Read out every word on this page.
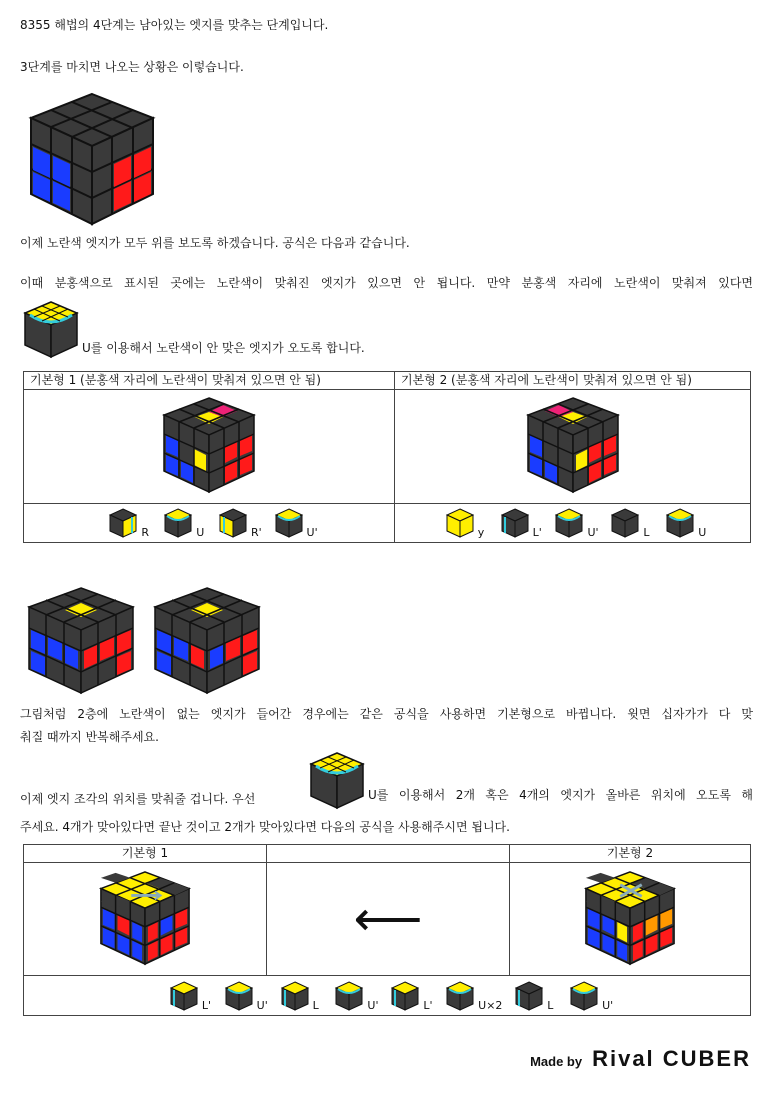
8355 해법의 4단계는 남아있는 엣지를 맞추는 단계입니다.
3단계를 마치면 나오는 상황은 이렇습니다.
이제 노란색 엣지가 모두 위를 보도록 하겠습니다. 공식은 다음과 같습니다.
이때 분홍색으로 표시된 곳에는 노란색이 맞춰진 엣지가 있으면 안 됩니다. 만약 분홍색 자리에 노란색이 맞춰져 있다면
U를 이용해서 노란색이 안 맞은 엣지가 오도록 합니다.
기본형 1 (분홍색 자리에 노란색이 맞춰져 있으면 안 됨)	기본형 2 (분홍색 자리에 노란색이 맞춰져 있으면 안 됨)

R U R' U'	y L' U' L U
그림처럼 2층에 노란색이 없는 엣지가 들어간 경우에는 같은 공식을 사용하면 기본형으로 바뀝니다. 윗면 십자가가 다 맞
춰질 때까지 반복해주세요.
이제 엣지 조각의 위치를 맞춰줄 겁니다. 우선	U를 이용해서 2개 혹은 4개의 엣지가 올바른 위치에 오도록 해
주세요. 4개가 맞아있다면 끝난 것이고 2개가 맞아있다면 다음의 공식을 사용해주시면 됩니다.
기본형 1		기본형 2
	⟵	
L' U' L U' L' U×2 L U'		
Made by Rival CUBER
